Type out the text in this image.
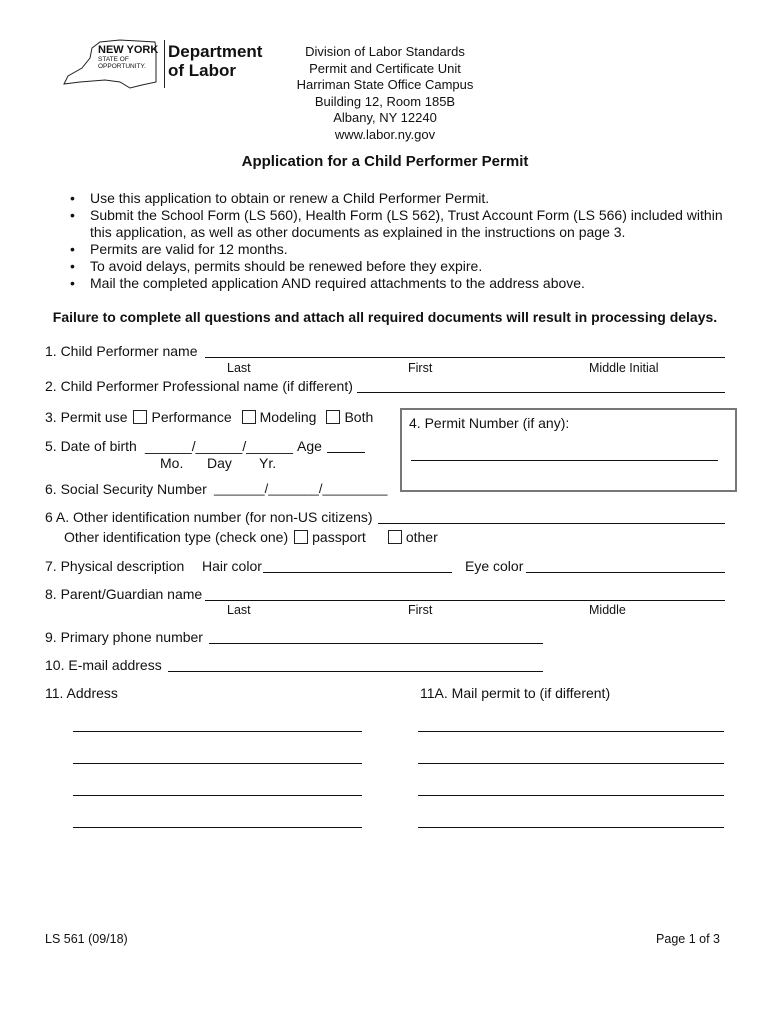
NEW YORK
STATE OF
OPPORTUNITY.
Department
of Labor
Division of Labor Standards
Permit and Certificate Unit
Harriman State Office Campus
Building 12, Room 185B
Albany, NY 12240
www.labor.ny.gov
Application for a Child Performer Permit
• Use this application to obtain or renew a Child Performer Permit.
• Submit the School Form (LS 560), Health Form (LS 562), Trust Account Form (LS 566) included within this application, as well as other documents as explained in the instructions on page 3.
• Permits are valid for 12 months.
• To avoid delays, permits should be renewed before they expire.
• Mail the completed application AND required attachments to the address above.
Failure to complete all questions and attach all required documents will result in processing delays.
1. Child Performer name
Last	First	Middle Initial
2. Child Performer Professional name (if different)
3. Permit use Performance Modeling Both	4. Permit Number (if any):
5. Date of birth ______/______/______ Age
Mo. Day Yr.
6. Social Security Number _______/_______/_________
6 A. Other identification number (for non-US citizens)
Other identification type (check one) passport	other
7. Physical description Hair color	Eye color
8. Parent/Guardian name
Last	First	Middle
9. Primary phone number
10. E-mail address
11. Address	11A. Mail permit to (if different)
LS 561 (09/18)	Page 1 of 3
